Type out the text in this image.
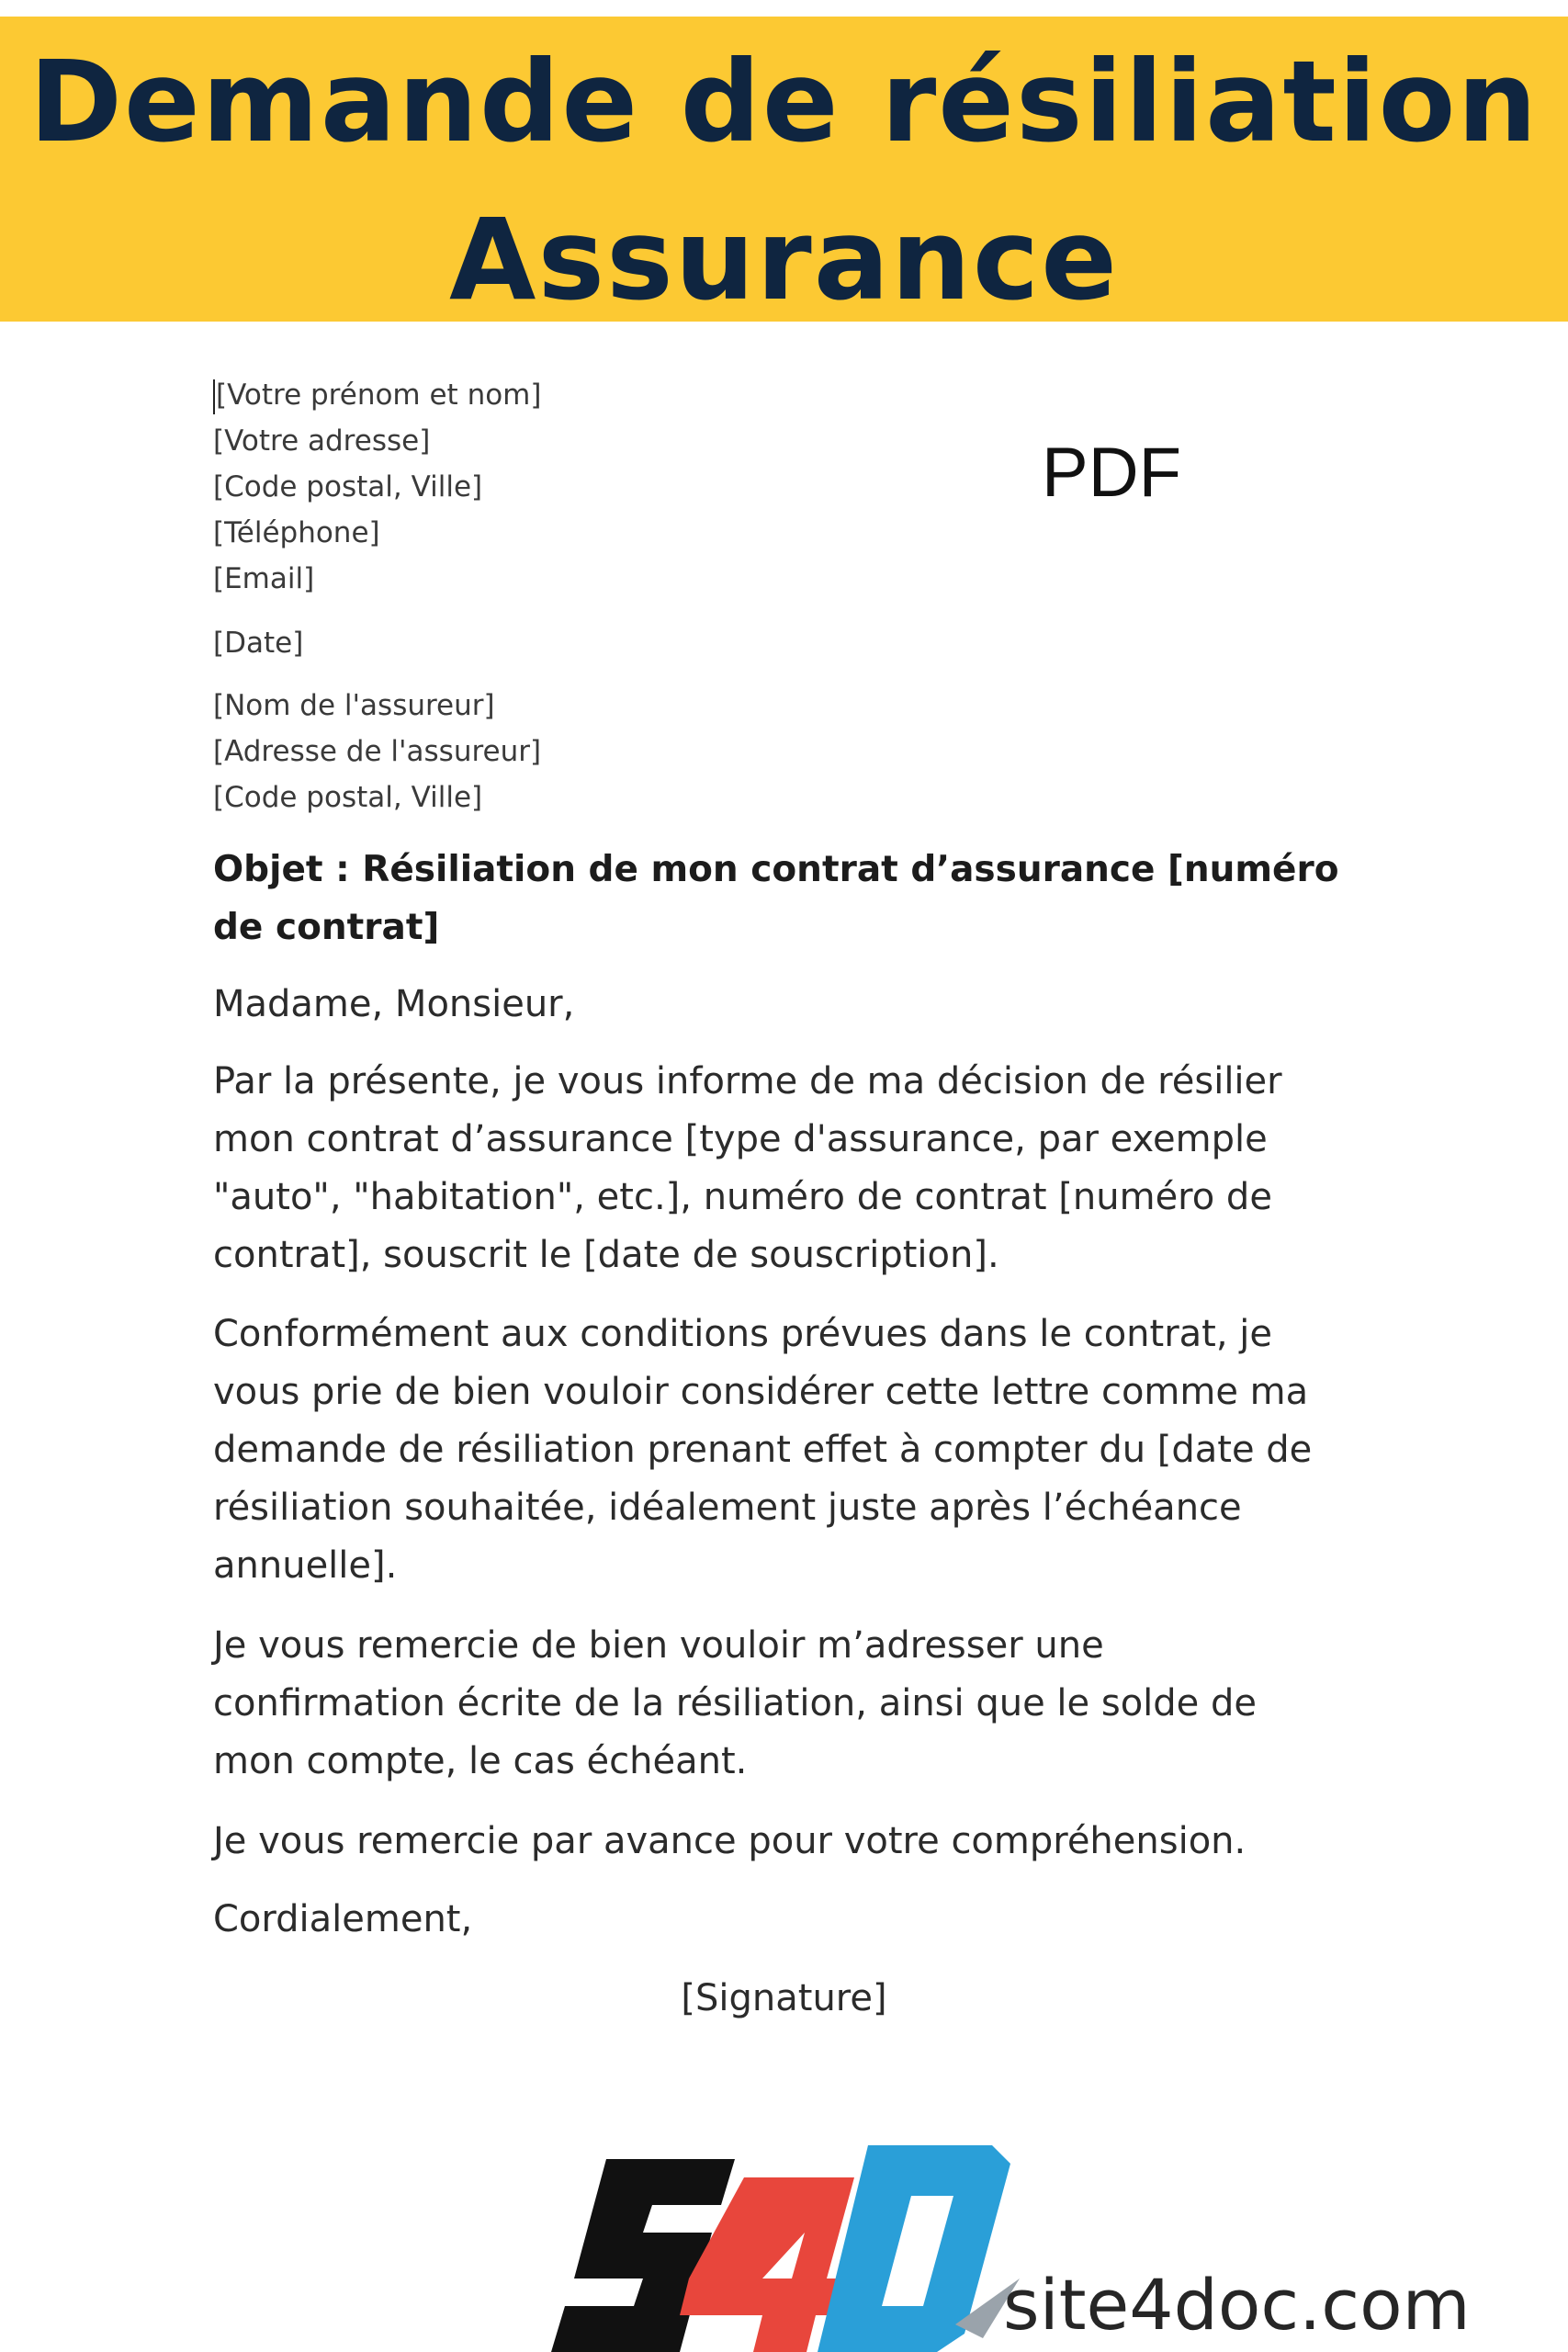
Demande de résiliation
Assurance
PDF
[Votre prénom et nom]
[Votre adresse]
[Code postal, Ville]
[Téléphone]
[Email]
[Date]
[Nom de l'assureur]
[Adresse de l'assureur]
[Code postal, Ville]
Objet : Résiliation de mon contrat d’assurance [numéro de contrat]
Madame, Monsieur,
Par la présente, je vous informe de ma décision de résilier mon contrat d’assurance [type d'assurance, par exemple "auto", "habitation", etc.], numéro de contrat [numéro de contrat], souscrit le [date de souscription].
Conformément aux conditions prévues dans le contrat, je vous prie de bien vouloir considérer cette lettre comme ma demande de résiliation prenant effet à compter du [date de résiliation souhaitée, idéalement juste après l’échéance annuelle].
Je vous remercie de bien vouloir m’adresser une confirmation écrite de la résiliation, ainsi que le solde de mon compte, le cas échéant.
Je vous remercie par avance pour votre compréhension.
Cordialement,
[Signature]
site4doc.com
